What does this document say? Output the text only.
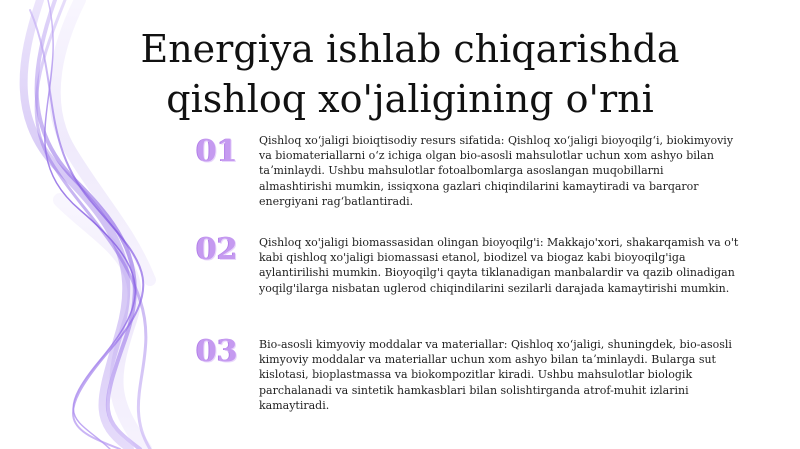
Energiya ishlab chiqarishda
qishloq xo'jaligining o'rni
01	Qishloq xoʻjaligi bioiqtisodiy resurs sifatida: Qishloq xoʻjaligi bioyoqilgʻi, biokimyoviy va biomateriallarni oʻz ichiga olgan bio-asosli mahsulotlar uchun xom ashyo bilan taʼminlaydi. Ushbu mahsulotlar fotoalbomlarga asoslangan muqobillarni almashtirishi mumkin, issiqxona gazlari chiqindilarini kamaytiradi va barqaror energiyani ragʻbatlantiradi.
02	Qishloq xo'jaligi biomassasidan olingan bioyoqilg'i: Makkajo'xori, shakarqamish va o't kabi qishloq xo'jaligi biomassasi etanol, biodizel va biogaz kabi bioyoqilg'iga aylantirilishi mumkin. Bioyoqilg'i qayta tiklanadigan manbalardir va qazib olinadigan yoqilg'ilarga nisbatan uglerod chiqindilarini sezilarli darajada kamaytirishi mumkin.
03	Bio-asosli kimyoviy moddalar va materiallar: Qishloq xoʻjaligi, shuningdek, bio-asosli kimyoviy moddalar va materiallar uchun xom ashyo bilan taʼminlaydi. Bularga sut kislotasi, bioplastmassa va biokompozitlar kiradi. Ushbu mahsulotlar biologik parchalanadi va sintetik hamkasblari bilan solishtirganda atrof-muhit izlarini kamaytiradi.
